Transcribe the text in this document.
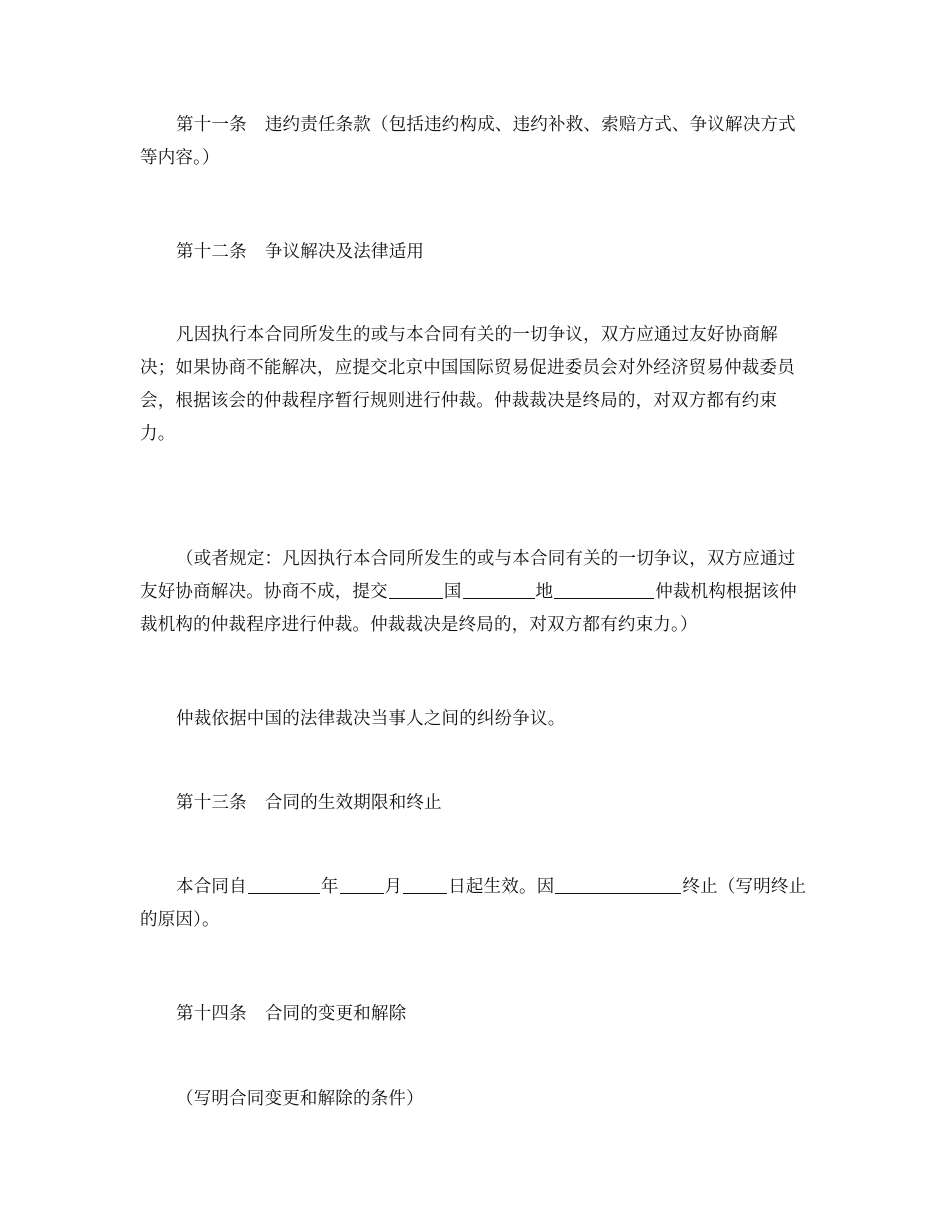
第十一条 违约责任条款（包括违约构成、违约补救、索赔方式、争议解决方式等内容。）

第十二条 争议解决及法律适用

凡因执行本合同所发生的或与本合同有关的一切争议，双方应通过友好协商解决；如果协商不能解决，应提交北京中国国际贸易促进委员会对外经济贸易仲裁委员会，根据该会的仲裁程序暂行规则进行仲裁。仲裁裁决是终局的，对双方都有约束力。

（或者规定：凡因执行本合同所发生的或与本合同有关的一切争议，双方应通过友好协商解决。协商不成，提交	国	地	仲裁机构根据该仲裁机构的仲裁程序进行仲裁。仲裁裁决是终局的，对双方都有约束力。）

仲裁依据中国的法律裁决当事人之间的纠纷争议。

第十三条 合同的生效期限和终止

本合同自	年	月	日起生效。因	终止（写明终止的原因）。

第十四条 合同的变更和解除

（写明合同变更和解除的条件）
